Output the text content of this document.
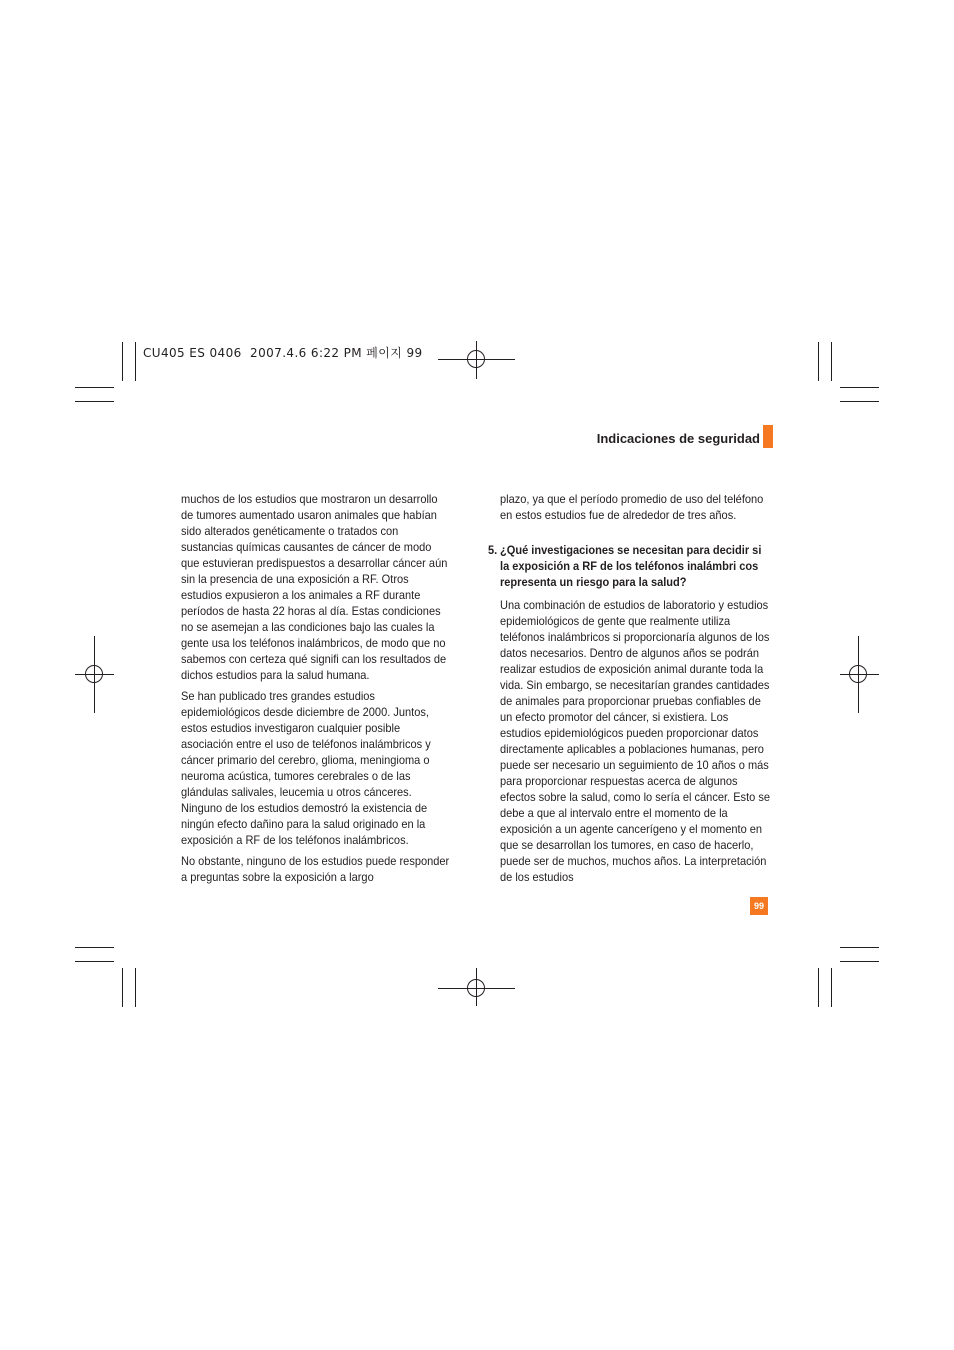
CU405 ES 0406  2007.4.6 6:22 PM 페이지 99
Indicaciones de seguridad

muchos de los estudios que mostraron un desarrollo de tumores aumentado usaron animales que habían sido alterados genéticamente o tratados con sustancias químicas causantes de cáncer de modo que estuvieran predispuestos a desarrollar cáncer aún sin la presencia de una exposición a RF. Otros estudios expusieron a los animales a RF durante períodos de hasta 22 horas al día. Estas condiciones no se asemejan a las condiciones bajo las cuales la gente usa los teléfonos inalámbricos, de modo que no sabemos con certeza qué signifi can los resultados de dichos estudios para la salud humana.

Se han publicado tres grandes estudios epidemiológicos desde diciembre de 2000. Juntos, estos estudios investigaron cualquier posible asociación entre el uso de teléfonos inalámbricos y cáncer primario del cerebro, glioma, meningioma o neuroma acústica, tumores cerebrales o de las glándulas salivales, leucemia u otros cánceres. Ninguno de los estudios demostró la existencia de ningún efecto dañino para la salud originado en la exposición a RF de los teléfonos inalámbricos.

No obstante, ninguno de los estudios puede responder a preguntas sobre la exposición a largo

plazo, ya que el período promedio de uso del teléfono en estos estudios fue de alrededor de tres años.

5. ¿Qué investigaciones se necesitan para decidir si la exposición a RF de los teléfonos inalámbri cos representa un riesgo para la salud?

Una combinación de estudios de laboratorio y estudios epidemiológicos de gente que realmente utiliza teléfonos inalámbricos si proporcionaría algunos de los datos necesarios. Dentro de algunos años se podrán realizar estudios de exposición animal durante toda la vida. Sin embargo, se necesitarían grandes cantidades de animales para proporcionar pruebas confiables de un efecto promotor del cáncer, si existiera. Los estudios epidemiológicos pueden proporcionar datos directamente aplicables a poblaciones humanas, pero puede ser necesario un seguimiento de 10 años o más para proporcionar respuestas acerca de algunos efectos sobre la salud, como lo sería el cáncer. Esto se debe a que al intervalo entre el momento de la exposición a un agente cancerígeno y el momento en que se desarrollan los tumores, en caso de hacerlo, puede ser de muchos, muchos años. La interpretación de los estudios

99
